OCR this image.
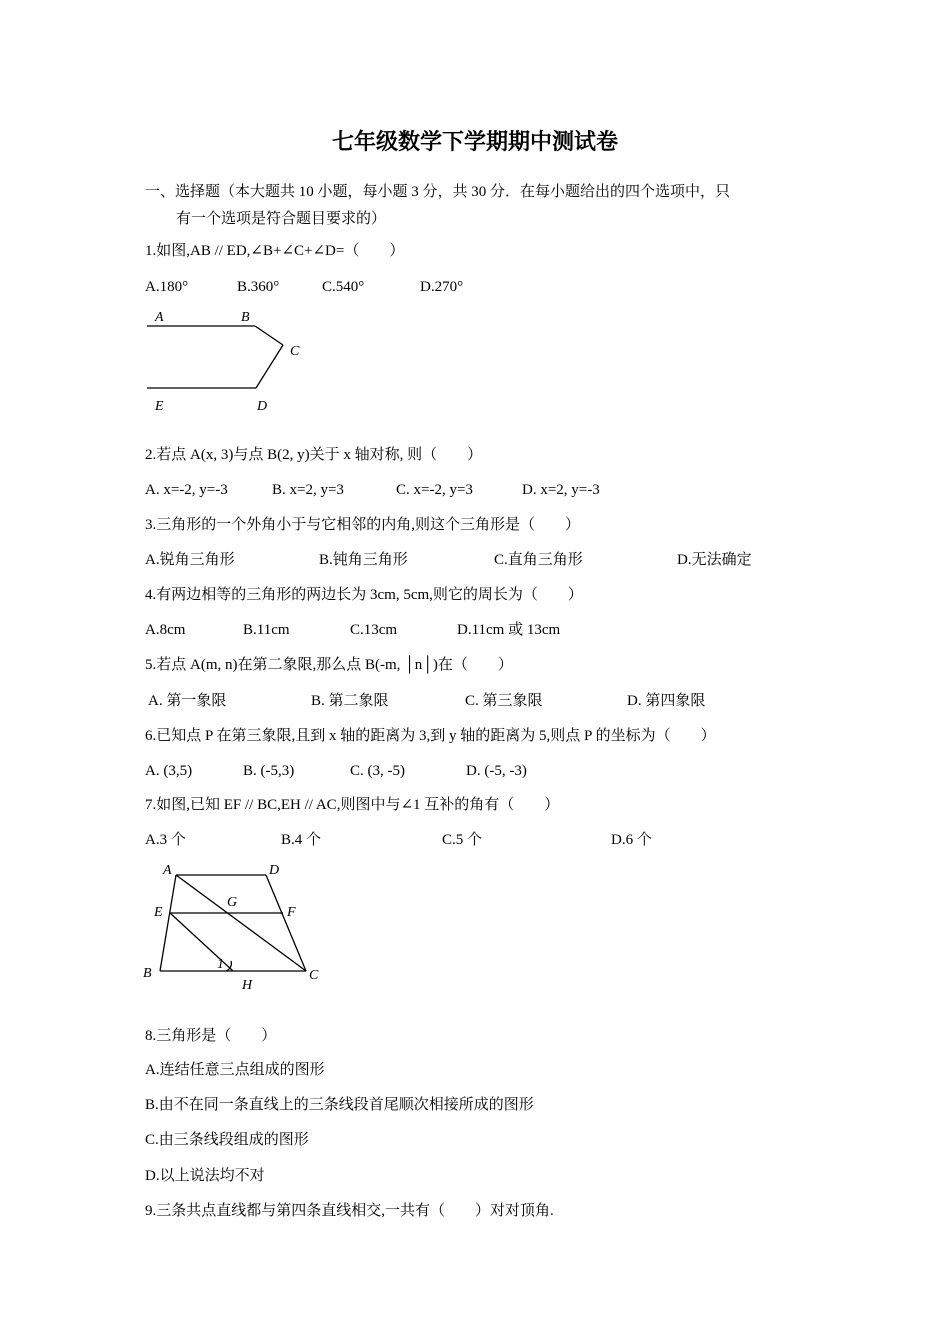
七年级数学下学期期中测试卷
一、选择题（本大题共 10 小题，每小题 3 分，共 30 分．在每小题给出的四个选项中，只
有一个选项是符合题目要求的）
1.如图,AB // ED,∠B+∠C+∠D=（　　）
A.180°	B.360°	C.540°	D.270°
A	B
C
E	D
A	D
E
G
F
B
1
H
C
2.若点 A(x, 3)与点 B(2, y)关于 x 轴对称, 则（　　）
A. x=-2, y=-3	B. x=2, y=3	C. x=-2, y=3	D. x=2, y=-3
3.三角形的一个外角小于与它相邻的内角,则这个三角形是（　　）
A.锐角三角形	B.钝角三角形	C.直角三角形	D.无法确定
4.有两边相等的三角形的两边长为 3cm, 5cm,则它的周长为（　　）
A.8cm	B.11cm	C.13cm	D.11cm 或 13cm
5.若点 A(m, n)在第二象限,那么点 B(-m, │n│)在（　　）
A. 第一象限	B. 第二象限	C. 第三象限	D. 第四象限
6.已知点 P 在第三象限,且到 x 轴的距离为 3,到 y 轴的距离为 5,则点 P 的坐标为（　　）
A. (3,5)	B. (-5,3)	C. (3, -5)	D. (-5, -3)
7.如图,已知 EF // BC,EH // AC,则图中与∠1 互补的角有（　　）
A.3 个	B.4 个	C.5 个	D.6 个
8.三角形是（　　）
A.连结任意三点组成的图形
B.由不在同一条直线上的三条线段首尾顺次相接所成的图形
C.由三条线段组成的图形
D.以上说法均不对
9.三条共点直线都与第四条直线相交,一共有（　　）对对顶角.
